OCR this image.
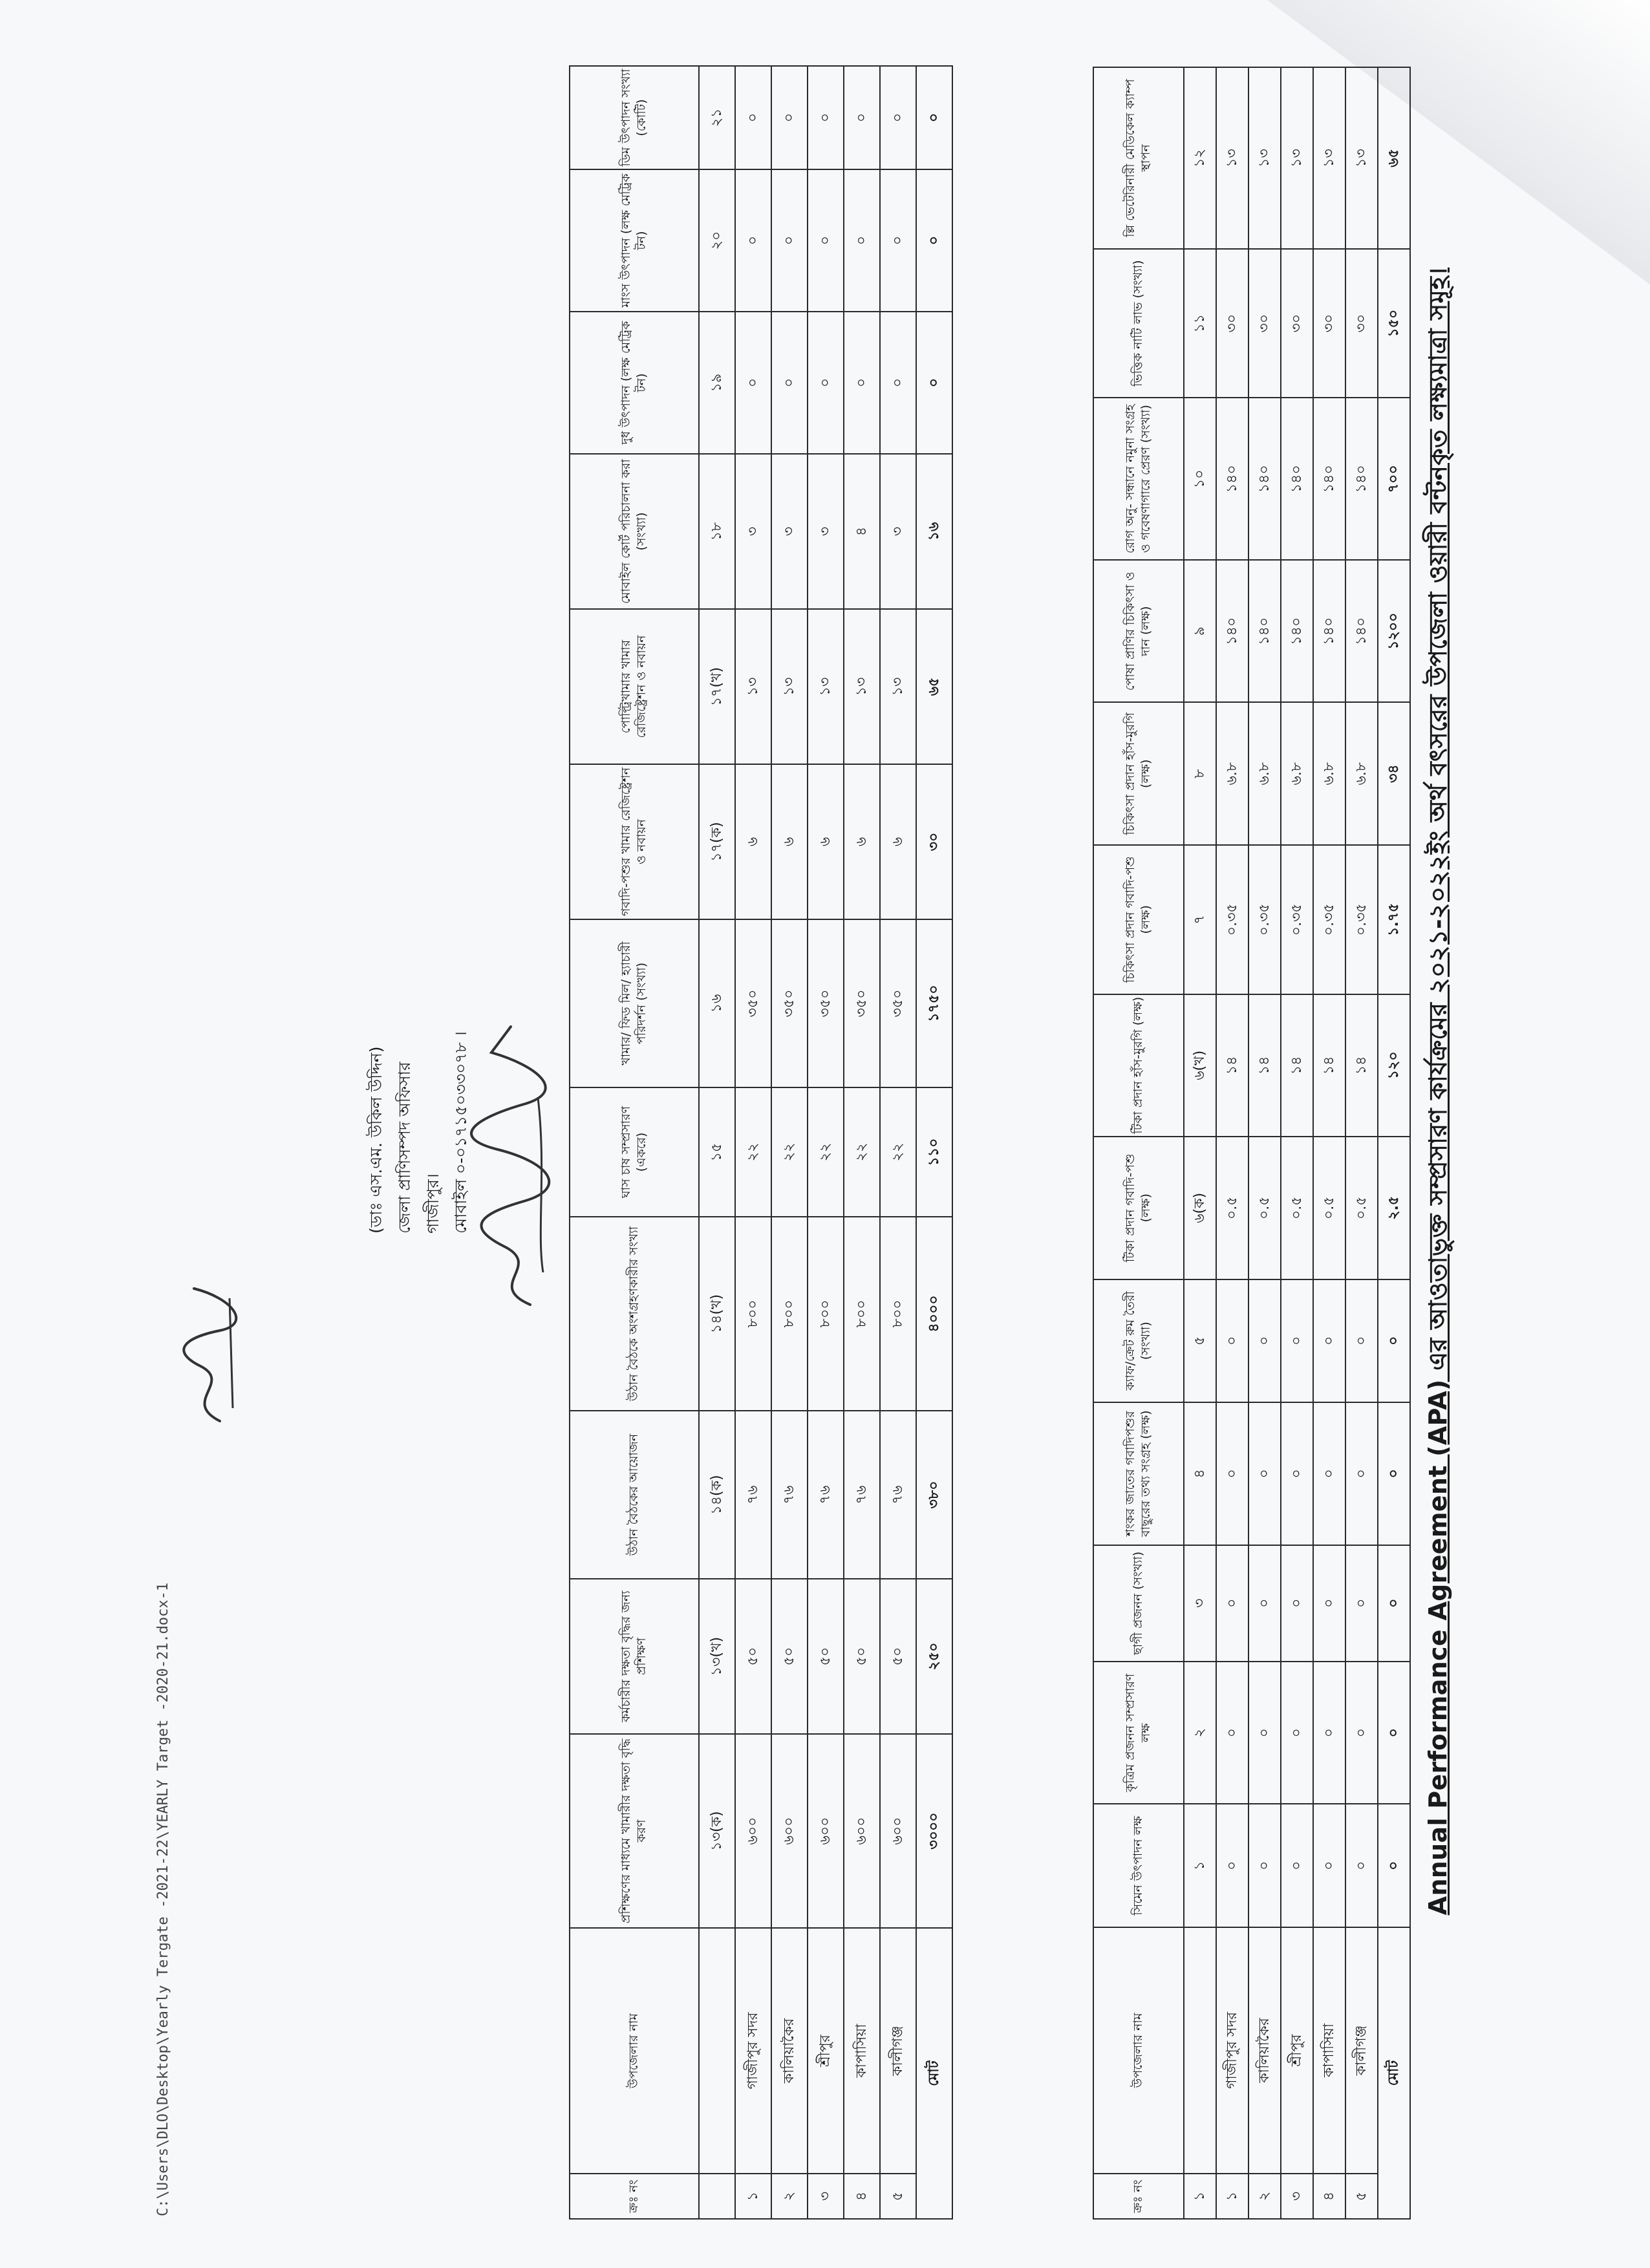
Annual Performance Agreement (APA) এর আওতাভুক্ত সম্প্রসারণ কার্যক্রমের ২০২১-২০২২ইং অর্থ বৎসরের উপজেলা ওয়ারী বন্টনকৃত লক্ষ্যমাত্রা সমূহ।
ক্রঃ নং	উপজেলার নাম	সিমেন উৎপাদন লক্ষ	কৃত্রিম প্রজনন সম্প্রসারণ লক্ষ	ছাগী প্রজনন (সংখ্যা)	শংকর জাতের গবাদিপশুর বাছুরের তথ্য সংগ্রহ (লক্ষ)	ক্যাফ/ক্রেট রুম তৈরী (সংখ্যা)	টিকা প্রদান গবাদি-পশু (লক্ষ)	টিকা প্রদান হাঁস-মুরগি (লক্ষ)	চিকিৎসা প্রদান গবাদি-পশু (লক্ষ)	চিকিৎসা প্রদান হাঁস-মুরগি (লক্ষ)	পোষা প্রাণির চিকিৎসা ও দান (লক্ষ)	রোগ অনু- সন্ধানে নমুনা সংগ্রহ ও গবেষণাগারে প্রেরণ (সংখ্যা)	ভিত্তিক নাটি লাভ (সংখ্যা)	ল্লি ভেটেরিনারী মেডিকেল ক্যাম্প স্থাপন
১		১	২	৩	৪	৫	৬(ক)	৬(খ)	৭	৮	৯	১০	১১	১২
১	গাজীপুর সদর	০	০	০	০	০	০.৫	১৪	০.৩৫	৬.৮	১৪০	১৪০	৩০	১৩
২	কালিয়াকৈর	০	০	০	০	০	০.৫	১৪	০.৩৫	৬.৮	১৪০	১৪০	৩০	১৩
৩	শ্রীপুর	০	০	০	০	০	০.৫	১৪	০.৩৫	৬.৮	১৪০	১৪০	৩০	১৩
৪	কাপাসিয়া	০	০	০	০	০	০.৫	১৪	০.৩৫	৬.৮	১৪০	১৪০	৩০	১৩
৫	কালীগঞ্জ	০	০	০	০	০	০.৫	১৪	০.৩৫	৬.৮	১৪০	১৪০	৩০	১৩
মোট		০	০	০	০	০	২.৫	১২০	১.৭৫	৩৪	১২০০	৭০০	১৫০	৬৫
ক্রঃ নং	উপজেলার নাম	প্রশিক্ষণের মাধ্যমে খামারীর দক্ষতা বৃদ্ধি করণ	কর্মচারীর দক্ষতা বৃদ্ধির জন্য প্রশিক্ষণ	উঠান বৈঠকের আয়োজন	উঠান বৈঠকে অংশগ্রহণকারীর সংখ্যা	ঘাস চাষ সম্প্রসারণ (একরে)	খামার/ ফিড মিল/ হ্যাচারী পরিদর্শন (সংখ্যা)	গবাদি-পশুর খামার রেজিষ্ট্রেশন ও নবায়ন	পোল্ট্রিখামার খামার রেজিষ্ট্রেশন ও নবায়ন	মোবাইল কোর্ট পরিচালনা করা (সংখ্যা)	দুধ উৎপাদন (লক্ষ মেট্রিক টন)	মাংস উৎপাদন (লক্ষ মেট্রিক টন)	ডিম উৎপাদন সংখ্যা (কোটি)
		১৩(ক)	১৩(খ)	১৪(ক)	১৪(খ)	১৫	১৬	১৭(ক)	১৭(খ)	১৮	১৯	২০	২১
১	গাজীপুর সদর	৬০০	৫০	৭৬	৮০০	২২	৩৫০	৬	১৩	৩	০	০	০
২	কালিয়াকৈর	৬০০	৫০	৭৬	৮০০	২২	৩৫০	৬	১৩	৩	০	০	০
৩	শ্রীপুর	৬০০	৫০	৭৬	৮০০	২২	৩৫০	৬	১৩	৩	০	০	০
৪	কাপাসিয়া	৬০০	৫০	৭৬	৮০০	২২	৩৫০	৬	১৩	৪	০	০	০
৫	কালীগঞ্জ	৬০০	৫০	৭৬	৮০০	২২	৩৫০	৬	১৩	৩	০	০	০
মোট		৩০০০	২৫০	৩৮০	৪০০০	১১০	১৭৫০	৩০	৬৫	১৬	০	০	০
(ডাঃ এস.এম. উকিল উদ্দিন) জেলা প্রাণিসম্পদ অফিসার গাজীপুর। মোবাইল ০-০১৭১৫০৩৩০৭৮ ।
C:\Users\DLO\Desktop\Yearly Tergate -2021-22\YEARLY Target -2020-21.docx-1
